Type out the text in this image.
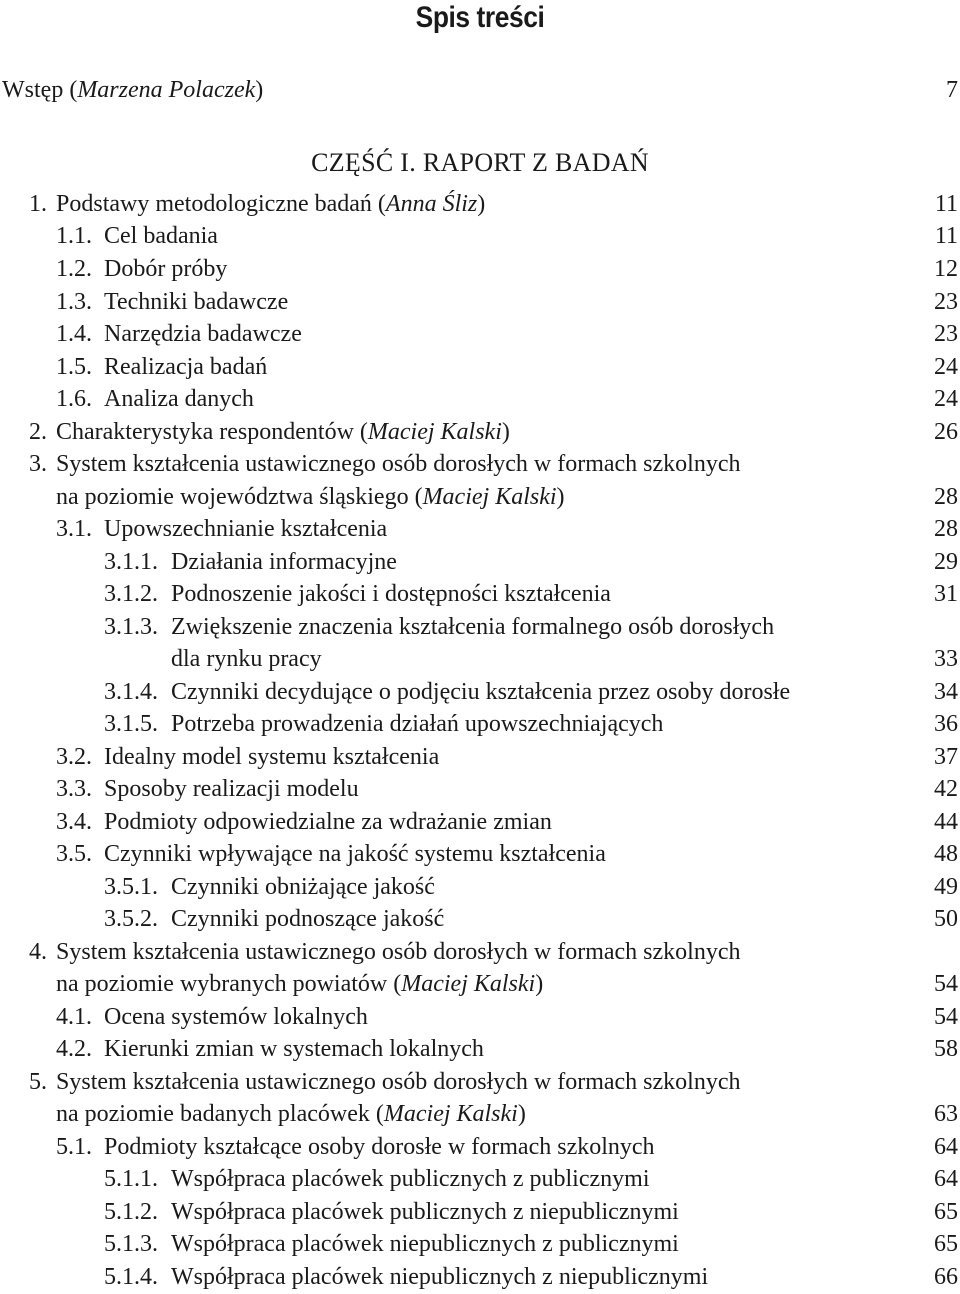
Spis treści
Wstęp (Marzena Polaczek)	7
CZĘŚĆ I. RAPORT Z BADAŃ
1. Podstawy metodologiczne badań (Anna Śliz)	11
1.1. Cel badania	11
1.2. Dobór próby	12
1.3. Techniki badawcze	23
1.4. Narzędzia badawcze	23
1.5. Realizacja badań	24
1.6. Analiza danych	24
2. Charakterystyka respondentów (Maciej Kalski)	26
3. System kształcenia ustawicznego osób dorosłych w formach szkolnych
na poziomie województwa śląskiego (Maciej Kalski)	28
3.1. Upowszechnianie kształcenia	28
3.1.1. Działania informacyjne	29
3.1.2. Podnoszenie jakości i dostępności kształcenia	31
3.1.3. Zwiększenie znaczenia kształcenia formalnego osób dorosłych
dla rynku pracy	33
3.1.4. Czynniki decydujące o podjęciu kształcenia przez osoby dorosłe	34
3.1.5. Potrzeba prowadzenia działań upowszechniających	36
3.2. Idealny model systemu kształcenia	37
3.3. Sposoby realizacji modelu	42
3.4. Podmioty odpowiedzialne za wdrażanie zmian	44
3.5. Czynniki wpływające na jakość systemu kształcenia	48
3.5.1. Czynniki obniżające jakość	49
3.5.2. Czynniki podnoszące jakość	50
4. System kształcenia ustawicznego osób dorosłych w formach szkolnych
na poziomie wybranych powiatów (Maciej Kalski)	54
4.1. Ocena systemów lokalnych	54
4.2. Kierunki zmian w systemach lokalnych	58
5. System kształcenia ustawicznego osób dorosłych w formach szkolnych
na poziomie badanych placówek (Maciej Kalski)	63
5.1. Podmioty kształcące osoby dorosłe w formach szkolnych	64
5.1.1. Współpraca placówek publicznych z publicznymi	64
5.1.2. Współpraca placówek publicznych z niepublicznymi	65
5.1.3. Współpraca placówek niepublicznych z publicznymi	65
5.1.4. Współpraca placówek niepublicznych z niepublicznymi	66
